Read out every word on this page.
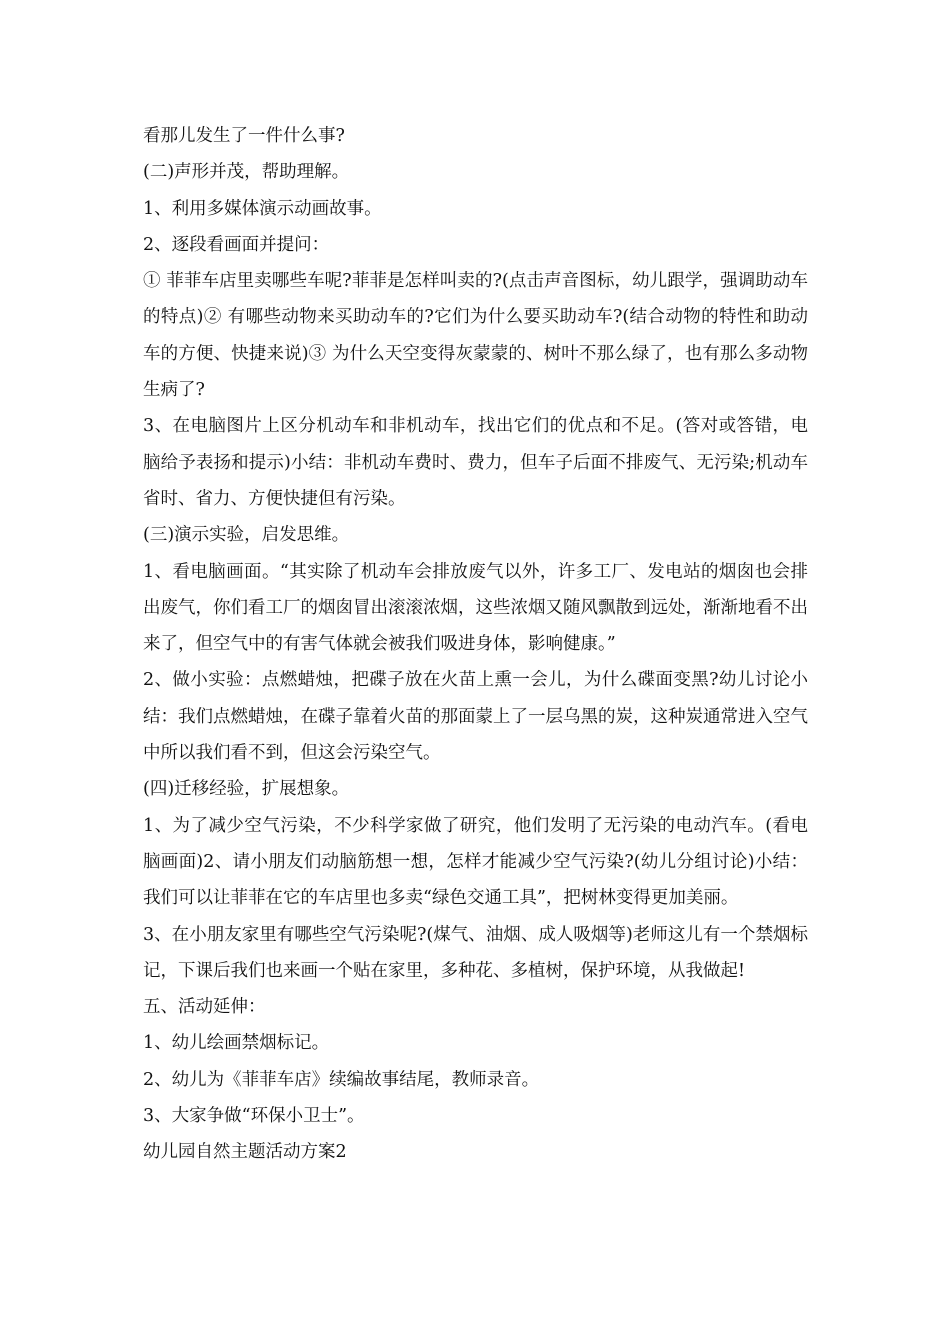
看那儿发生了一件什么事?

(二)声形并茂，帮助理解。

1、利用多媒体演示动画故事。

2、逐段看画面并提问：

① 菲菲车店里卖哪些车呢?菲菲是怎样叫卖的?(点击声音图标，幼儿跟学，强调助动车的特点)② 有哪些动物来买助动车的?它们为什么要买助动车?(结合动物的特性和助动车的方便、快捷来说)③ 为什么天空变得灰蒙蒙的、树叶不那么绿了，也有那么多动物生病了?

3、在电脑图片上区分机动车和非机动车，找出它们的优点和不足。(答对或答错，电脑给予表扬和提示)小结：非机动车费时、费力，但车子后面不排废气、无污染;机动车省时、省力、方便快捷但有污染。

(三)演示实验，启发思维。

1、看电脑画面。“其实除了机动车会排放废气以外，许多工厂、发电站的烟囱也会排出废气，你们看工厂的烟囱冒出滚滚浓烟，这些浓烟又随风飘散到远处，渐渐地看不出来了，但空气中的有害气体就会被我们吸进身体，影响健康。”

2、做小实验：点燃蜡烛，把碟子放在火苗上熏一会儿，为什么碟面变黑?幼儿讨论小结：我们点燃蜡烛，在碟子靠着火苗的那面蒙上了一层乌黑的炭，这种炭通常进入空气中所以我们看不到，但这会污染空气。

(四)迁移经验，扩展想象。

1、为了减少空气污染，不少科学家做了研究，他们发明了无污染的电动汽车。(看电脑画面)2、请小朋友们动脑筋想一想，怎样才能减少空气污染?(幼儿分组讨论)小结：我们可以让菲菲在它的车店里也多卖“绿色交通工具”，把树林变得更加美丽。

3、在小朋友家里有哪些空气污染呢?(煤气、油烟、成人吸烟等)老师这儿有一个禁烟标记，下课后我们也来画一个贴在家里，多种花、多植树，保护环境，从我做起!

五、活动延伸：

1、幼儿绘画禁烟标记。

2、幼儿为《菲菲车店》续编故事结尾，教师录音。

3、大家争做“环保小卫士”。

幼儿园自然主题活动方案2
